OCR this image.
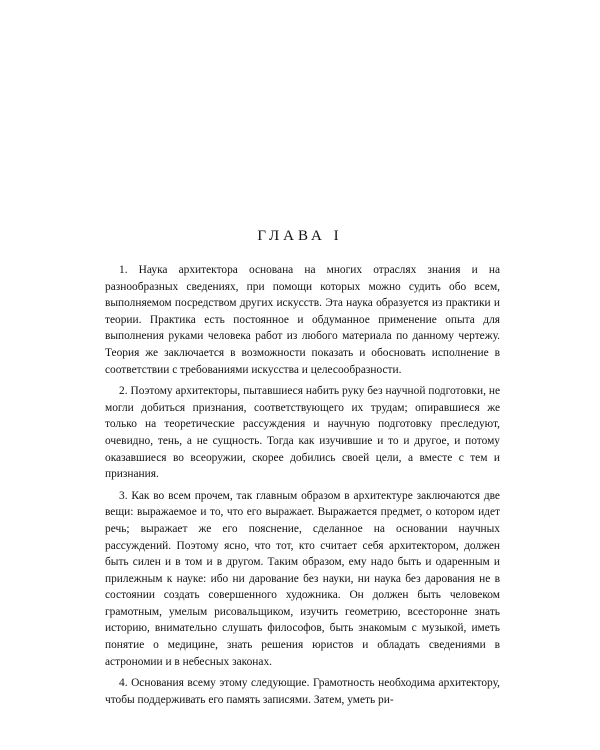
ГЛАВА I

1. Наука архитектора основана на многих отраслях знания и на разнообразных сведениях, при помощи которых можно судить обо всем, выполняемом посредством других искусств. Эта наука образуется из практики и теории. Практика есть постоянное и обдуманное применение опыта для выполнения руками человека работ из любого материала по данному чертежу. Теория же заключается в возможности показать и обосновать исполнение в соответствии с требованиями искусства и целесообразности.

2. Поэтому архитекторы, пытавшиеся набить руку без научной подготовки, не могли добиться признания, соответствующего их трудам; опиравшиеся же только на теоретические рассуждения и научную подготовку преследуют, очевидно, тень, а не сущность. Тогда как изучившие и то и другое, и потому оказавшиеся во всеоружии, скорее добились своей цели, а вместе с тем и признания.

3. Как во всем прочем, так главным образом в архитектуре заключаются две вещи: выражаемое и то, что его выражает. Выражается предмет, о котором идет речь; выражает же его пояснение, сделанное на основании научных рассуждений. Поэтому ясно, что тот, кто считает себя архитектором, должен быть силен и в том и в другом. Таким образом, ему надо быть и одаренным и прилежным к науке: ибо ни дарование без науки, ни наука без дарования не в состоянии создать совершенного художника. Он должен быть человеком грамотным, умелым рисовальщиком, изучить геометрию, всесторонне знать историю, внимательно слушать философов, быть знакомым с музыкой, иметь понятие о медицине, знать решения юристов и обладать сведениями в астрономии и в небесных законах.

4. Основания всему этому следующие. Грамотность необходима архитектору, чтобы поддерживать его память записями. Затем, уметь ри-
